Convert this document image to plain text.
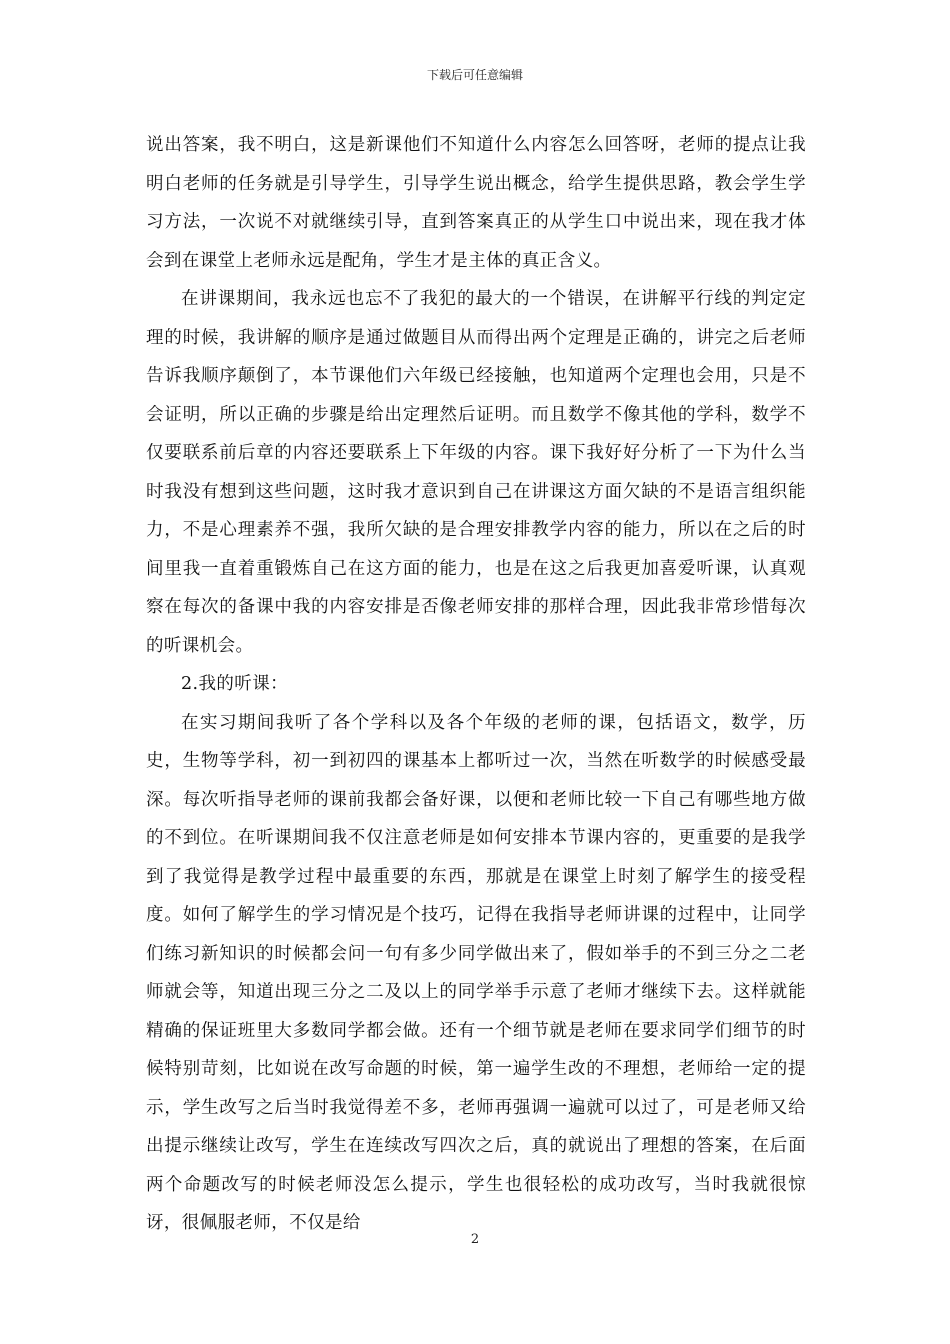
下载后可任意编辑

说出答案，我不明白，这是新课他们不知道什么内容怎么回答呀，老师的提点让我明白老师的任务就是引导学生，引导学生说出概念，给学生提供思路，教会学生学习方法，一次说不对就继续引导，直到答案真正的从学生口中说出来，现在我才体会到在课堂上老师永远是配角，学生才是主体的真正含义。

在讲课期间，我永远也忘不了我犯的最大的一个错误，在讲解平行线的判定定理的时候，我讲解的顺序是通过做题目从而得出两个定理是正确的，讲完之后老师告诉我顺序颠倒了，本节课他们六年级已经接触，也知道两个定理也会用，只是不会证明，所以正确的步骤是给出定理然后证明。而且数学不像其他的学科，数学不仅要联系前后章的内容还要联系上下年级的内容。课下我好好分析了一下为什么当时我没有想到这些问题，这时我才意识到自己在讲课这方面欠缺的不是语言组织能力，不是心理素养不强，我所欠缺的是合理安排教学内容的能力，所以在之后的时间里我一直着重锻炼自己在这方面的能力，也是在这之后我更加喜爱听课，认真观察在每次的备课中我的内容安排是否像老师安排的那样合理，因此我非常珍惜每次的听课机会。

2.我的听课：

在实习期间我听了各个学科以及各个年级的老师的课，包括语文，数学，历史，生物等学科，初一到初四的课基本上都听过一次，当然在听数学的时候感受最深。每次听指导老师的课前我都会备好课，以便和老师比较一下自己有哪些地方做的不到位。在听课期间我不仅注意老师是如何安排本节课内容的，更重要的是我学到了我觉得是教学过程中最重要的东西，那就是在课堂上时刻了解学生的接受程度。如何了解学生的学习情况是个技巧，记得在我指导老师讲课的过程中，让同学们练习新知识的时候都会问一句有多少同学做出来了，假如举手的不到三分之二老师就会等，知道出现三分之二及以上的同学举手示意了老师才继续下去。这样就能精确的保证班里大多数同学都会做。还有一个细节就是老师在要求同学们细节的时候特别苛刻，比如说在改写命题的时候，第一遍学生改的不理想，老师给一定的提示，学生改写之后当时我觉得差不多，老师再强调一遍就可以过了，可是老师又给出提示继续让改写，学生在连续改写四次之后，真的就说出了理想的答案，在后面两个命题改写的时候老师没怎么提示，学生也很轻松的成功改写，当时我就很惊讶，很佩服老师，不仅是给

2
